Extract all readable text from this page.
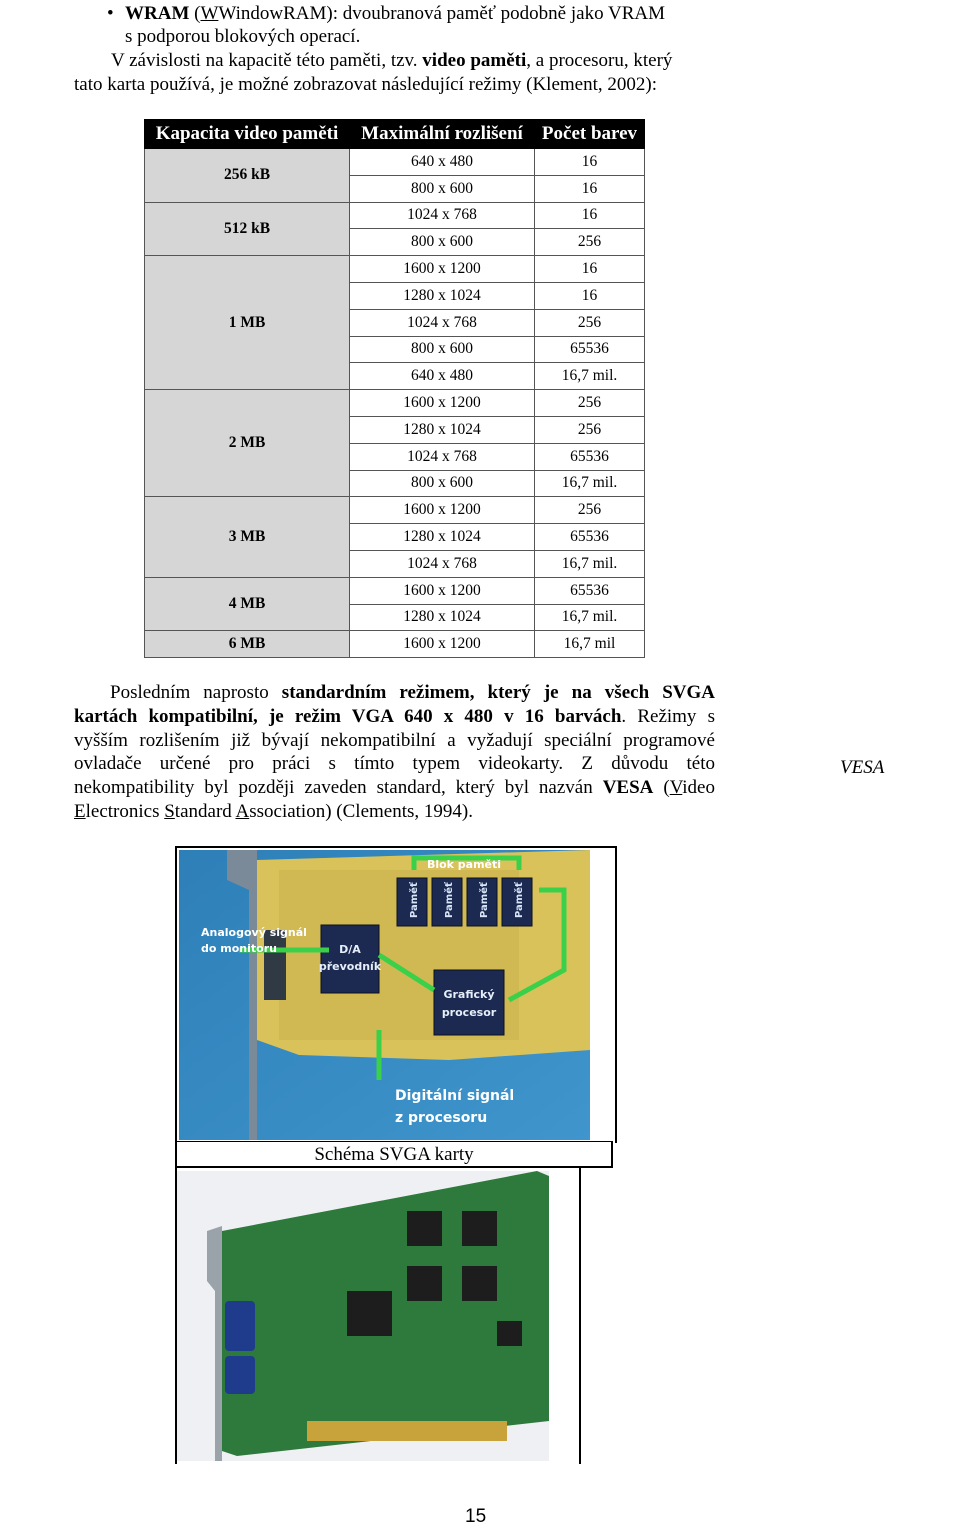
• WRAM (WWindowRAM): dvoubranová paměť podobně jako VRAM
s podporou blokových operací.
V závislosti na kapacitě této paměti, tzv. video paměti, a procesoru, který
tato karta používá, je možné zobrazovat následující režimy (Klement, 2002):
Kapacita video paměti	Maximální rozlišení	Počet barev
256 kB	640 x 480	16
	800 x 600	16
512 kB	1024 x 768	16
	800 x 600	256
1 MB	1600 x 1200	16
	1280 x 1024	16
	1024 x 768	256
	800 x 600	65536
	640 x 480	16,7 mil.
2 MB	1600 x 1200	256
	1280 x 1024	256
	1024 x 768	65536
	800 x 600	16,7 mil.
3 MB	1600 x 1200	256
	1280 x 1024	65536
	1024 x 768	16,7 mil.
4 MB	1600 x 1200	65536
	1280 x 1024	16,7 mil.
6 MB	1600 x 1200	16,7 mil
Posledním naprosto standardním režimem, který je na všech SVGA
kartách kompatibilní, je režim VGA 640 x 480 v 16 barvách. Režimy s
vyšším rozlišením již bývají nekompatibilní a vyžadují speciální programové
ovladače určené pro práci s tímto typem videokarty. Z důvodu této
nekompatibility byl později zaveden standard, který byl nazván VESA (Video
Electronics Standard Association) (Clements, 1994).
VESA
Paměť Paměť Paměť Paměť
D/A
převodník
Grafický
procesor
Blok paměti
Analogový signál
do monitoru
Digitální signál
z procesoru
Schéma SVGA karty
15
